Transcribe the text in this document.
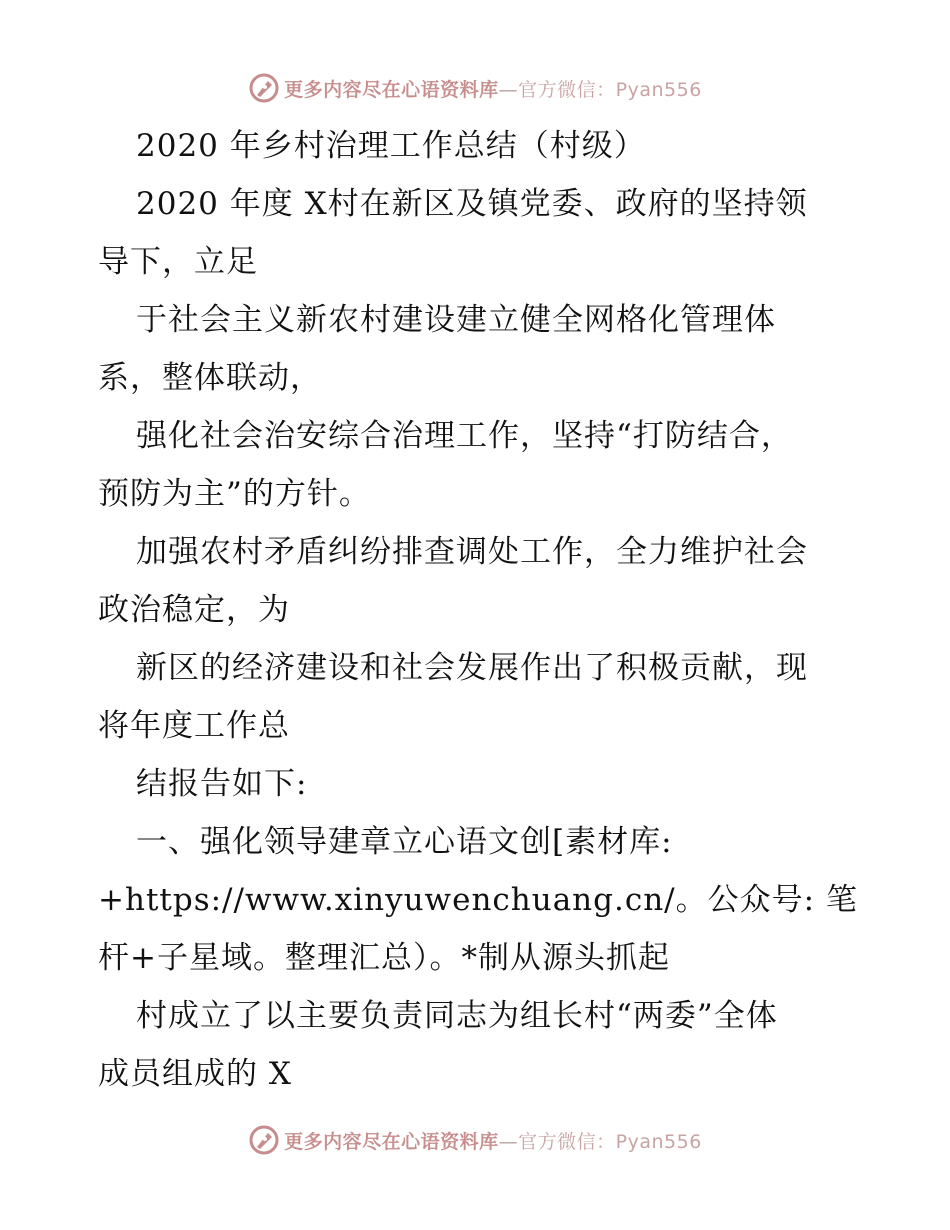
更多内容尽在心语资料库—官方微信：Pyan556
2020 年乡村治理工作总结（村级）
2020 年度 X村在新区及镇党委、政府的坚持领
导下，立足
于社会主义新农村建设建立健全网格化管理体
系，整体联动，
强化社会治安综合治理工作，坚持“打防结合，
预防为主”的方针。
加强农村矛盾纠纷排查调处工作，全力维护社会
政治稳定，为
新区的经济建设和社会发展作出了积极贡献，现
将年度工作总
结报告如下:
一、强化领导建章立心语文创[素材库:
+https://www.xinyuwenchuang.cn/。公众号: 笔
杆+子星域。整理汇总）。*制从源头抓起
村成立了以主要负责同志为组长村“两委”全体
成员组成的 X
更多内容尽在心语资料库—官方微信：Pyan556
